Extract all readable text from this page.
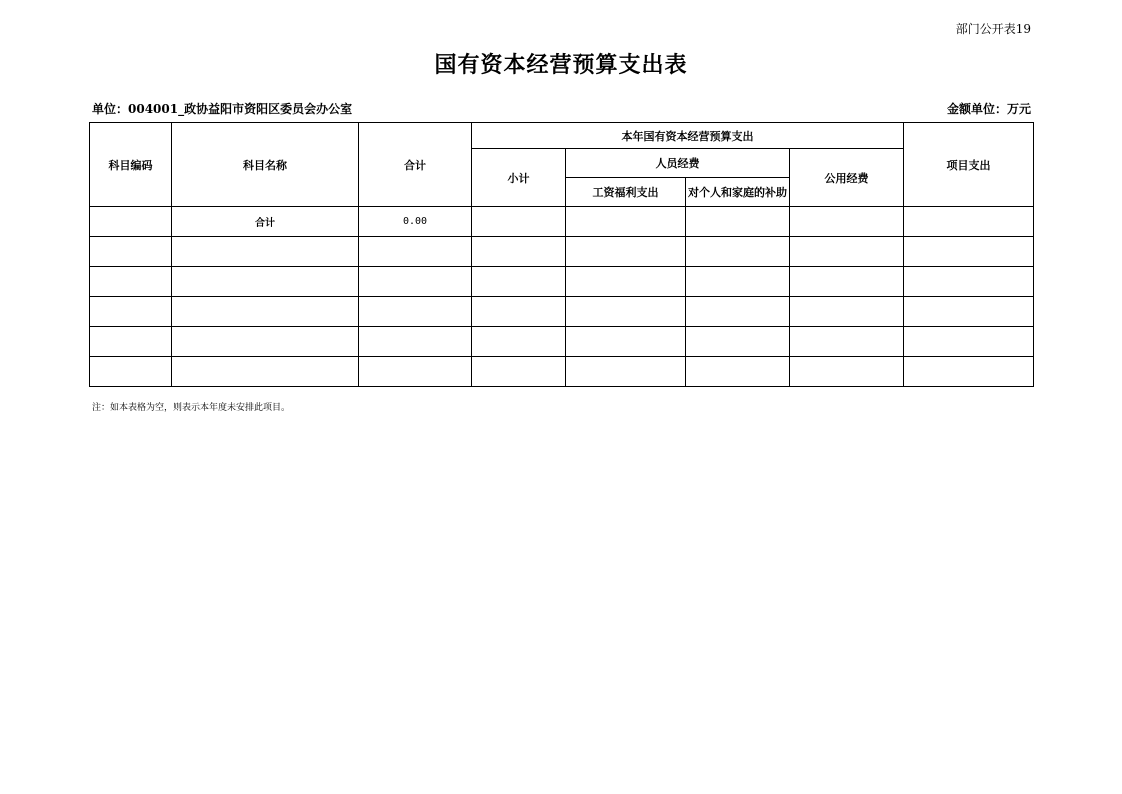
部门公开表19
国有资本经营预算支出表
单位：004001_政协益阳市资阳区委员会办公室	金额单位：万元
科目编码	科目名称	合计	本年国有资本经营预算支出				项目支出
			小计	人员经费		公用经费	
				工资福利支出	对个人和家庭的补助		
	合计	0.00					

注：如本表格为空，则表示本年度未安排此项目。
